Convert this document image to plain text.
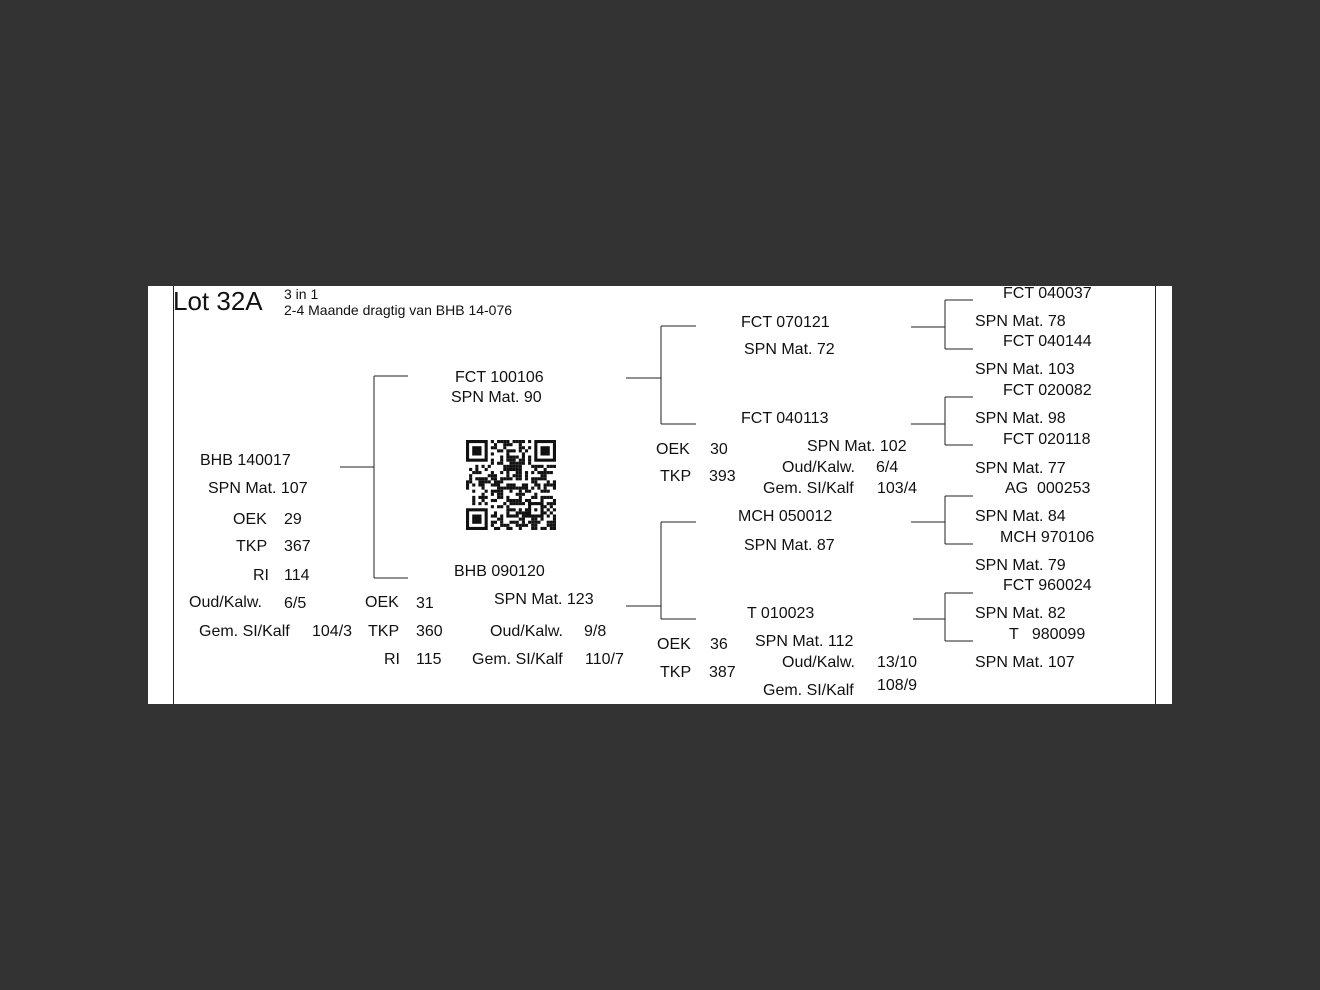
Lot 32A 3 in 1
2-4 Maande dragtig van BHB 14-076
BHB 140017
SPN Mat. 107
OEK 29
TKP 367
RI 114
Oud/Kalw. 6/5
Gem. SI/Kalf 104/3
FCT 100106
SPN Mat. 90
BHB 090120
SPN Mat. 123
OEK 31
TKP 360
RI 115
Oud/Kalw. 9/8
Gem. SI/Kalf 110/7
FCT 070121
SPN Mat. 72
FCT 040113
SPN Mat. 102
OEK 30
TKP 393
Oud/Kalw. 6/4
Gem. SI/Kalf 103/4
MCH 050012
SPN Mat. 87
T 010023
SPN Mat. 112
OEK 36
TKP 387
Oud/Kalw. 13/10
Gem. SI/Kalf 108/9
FCT 040037
SPN Mat. 78
FCT 040144
SPN Mat. 103
FCT 020082
SPN Mat. 98
FCT 020118
SPN Mat. 77
AG  000253
SPN Mat. 84
MCH 970106
SPN Mat. 79
FCT 960024
SPN Mat. 82
T   980099
SPN Mat. 107
